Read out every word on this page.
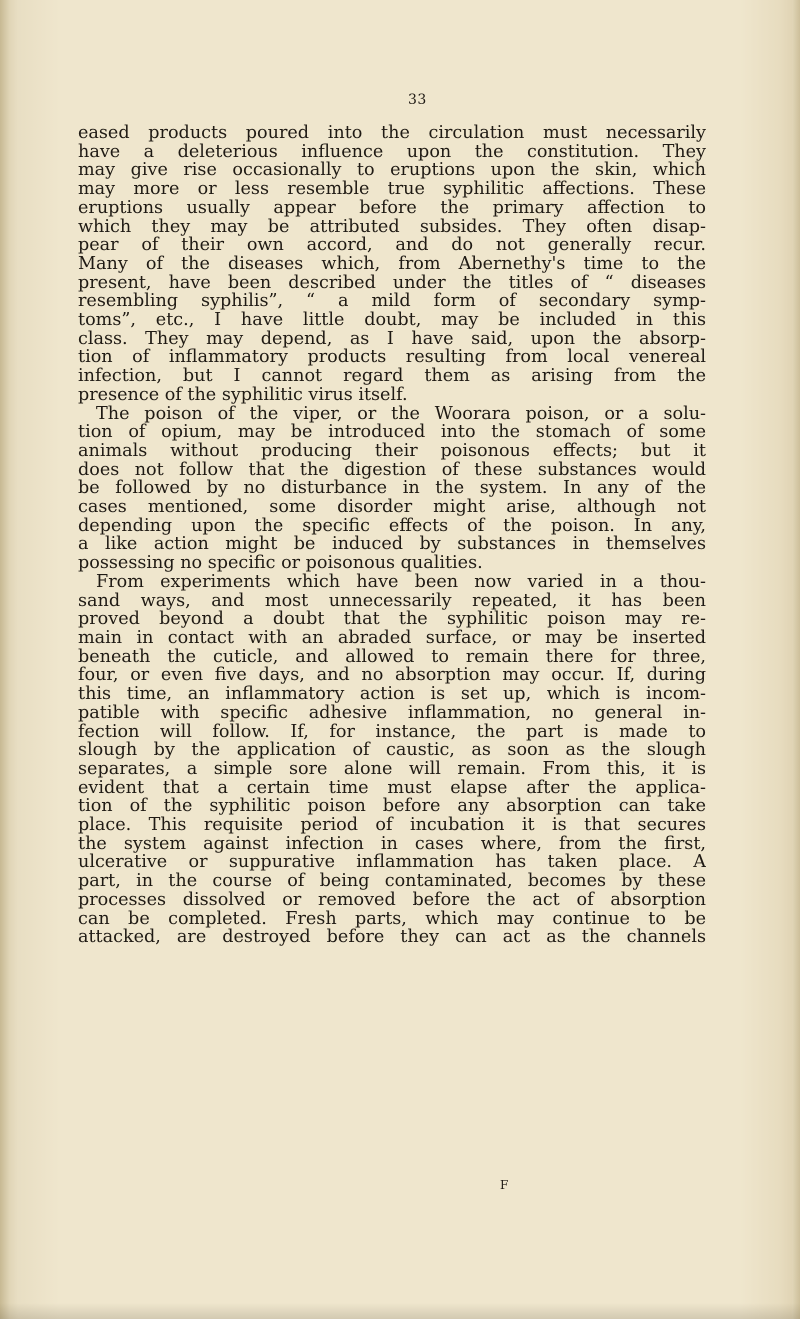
33
eased products poured into the circulation must necessarily
have a deleterious influence upon the constitution. They
may give rise occasionally to eruptions upon the skin, which
may more or less resemble true syphilitic affections. These
eruptions usually appear before the primary affection to
which they may be attributed subsides. They often disap-
pear of their own accord, and do not generally recur.
Many of the diseases which, from Abernethy's time to the
present, have been described under the titles of “ diseases
resembling syphilis”, “ a mild form of secondary symp-
toms”, etc., I have little doubt, may be included in this
class. They may depend, as I have said, upon the absorp-
tion of inflammatory products resulting from local venereal
infection, but I cannot regard them as arising from the
presence of the syphilitic virus itself.
The poison of the viper, or the Woorara poison, or a solu-
tion of opium, may be introduced into the stomach of some
animals without producing their poisonous effects; but it
does not follow that the digestion of these substances would
be followed by no disturbance in the system. In any of the
cases mentioned, some disorder might arise, although not
depending upon the specific effects of the poison. In any,
a like action might be induced by substances in themselves
possessing no specific or poisonous qualities.
From experiments which have been now varied in a thou-
sand ways, and most unnecessarily repeated, it has been
proved beyond a doubt that the syphilitic poison may re-
main in contact with an abraded surface, or may be inserted
beneath the cuticle, and allowed to remain there for three,
four, or even five days, and no absorption may occur. If, during
this time, an inflammatory action is set up, which is incom-
patible with specific adhesive inflammation, no general in-
fection will follow. If, for instance, the part is made to
slough by the application of caustic, as soon as the slough
separates, a simple sore alone will remain. From this, it is
evident that a certain time must elapse after the applica-
tion of the syphilitic poison before any absorption can take
place. This requisite period of incubation it is that secures
the system against infection in cases where, from the first,
ulcerative or suppurative inflammation has taken place. A
part, in the course of being contaminated, becomes by these
processes dissolved or removed before the act of absorption
can be completed. Fresh parts, which may continue to be
attacked, are destroyed before they can act as the channels
F
